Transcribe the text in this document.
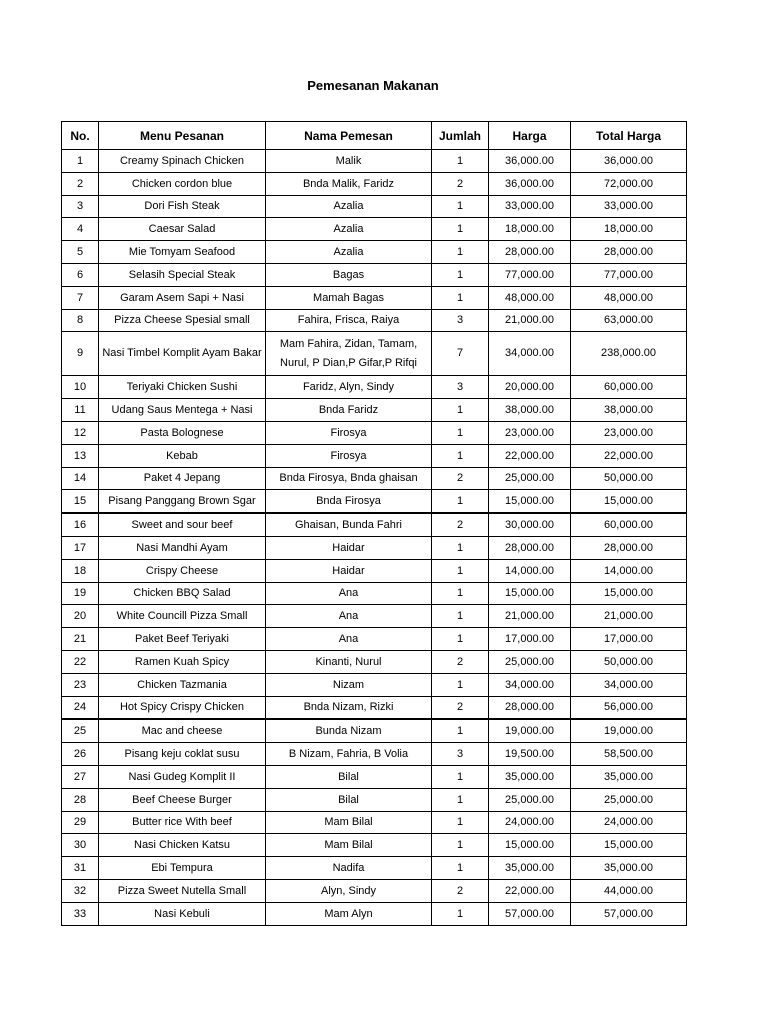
Pemesanan Makanan
No.	Menu Pesanan	Nama Pemesan	Jumlah	Harga	Total Harga
1	Creamy Spinach Chicken	Malik	1	36,000.00	36,000.00
2	Chicken cordon blue	Bnda Malik, Faridz	2	36,000.00	72,000.00
3	Dori Fish Steak	Azalia	1	33,000.00	33,000.00
4	Caesar Salad	Azalia	1	18,000.00	18,000.00
5	Mie Tomyam Seafood	Azalia	1	28,000.00	28,000.00
6	Selasih Special Steak	Bagas	1	77,000.00	77,000.00
7	Garam Asem Sapi + Nasi	Mamah Bagas	1	48,000.00	48,000.00
8	Pizza Cheese Spesial small	Fahira, Frisca, Raiya	3	21,000.00	63,000.00
9	Nasi Timbel Komplit Ayam Bakar	Mam Fahira, Zidan, Tamam, Nurul, P Dian,P Gifar,P Rifqi	7	34,000.00	238,000.00
10	Teriyaki Chicken Sushi	Faridz, Alyn, Sindy	3	20,000.00	60,000.00
11	Udang Saus Mentega + Nasi	Bnda Faridz	1	38,000.00	38,000.00
12	Pasta Bolognese	Firosya	1	23,000.00	23,000.00
13	Kebab	Firosya	1	22,000.00	22,000.00
14	Paket 4 Jepang	Bnda Firosya, Bnda ghaisan	2	25,000.00	50,000.00
15	Pisang Panggang Brown Sgar	Bnda Firosya	1	15,000.00	15,000.00
16	Sweet and sour beef	Ghaisan, Bunda Fahri	2	30,000.00	60,000.00
17	Nasi Mandhi Ayam	Haidar	1	28,000.00	28,000.00
18	Crispy Cheese	Haidar	1	14,000.00	14,000.00
19	Chicken BBQ Salad	Ana	1	15,000.00	15,000.00
20	White Councill Pizza Small	Ana	1	21,000.00	21,000.00
21	Paket Beef Teriyaki	Ana	1	17,000.00	17,000.00
22	Ramen Kuah Spicy	Kinanti, Nurul	2	25,000.00	50,000.00
23	Chicken Tazmania	Nizam	1	34,000.00	34,000.00
24	Hot Spicy Crispy Chicken	Bnda Nizam, Rizki	2	28,000.00	56,000.00
25	Mac and cheese	Bunda Nizam	1	19,000.00	19,000.00
26	Pisang keju coklat susu	B Nizam, Fahria, B Volia	3	19,500.00	58,500.00
27	Nasi Gudeg Komplit II	Bilal	1	35,000.00	35,000.00
28	Beef Cheese Burger	Bilal	1	25,000.00	25,000.00
29	Butter rice With beef	Mam Bilal	1	24,000.00	24,000.00
30	Nasi Chicken Katsu	Mam Bilal	1	15,000.00	15,000.00
31	Ebi Tempura	Nadifa	1	35,000.00	35,000.00
32	Pizza Sweet Nutella Small	Alyn, Sindy	2	22,000.00	44,000.00
33	Nasi Kebuli	Mam Alyn	1	57,000.00	57,000.00
